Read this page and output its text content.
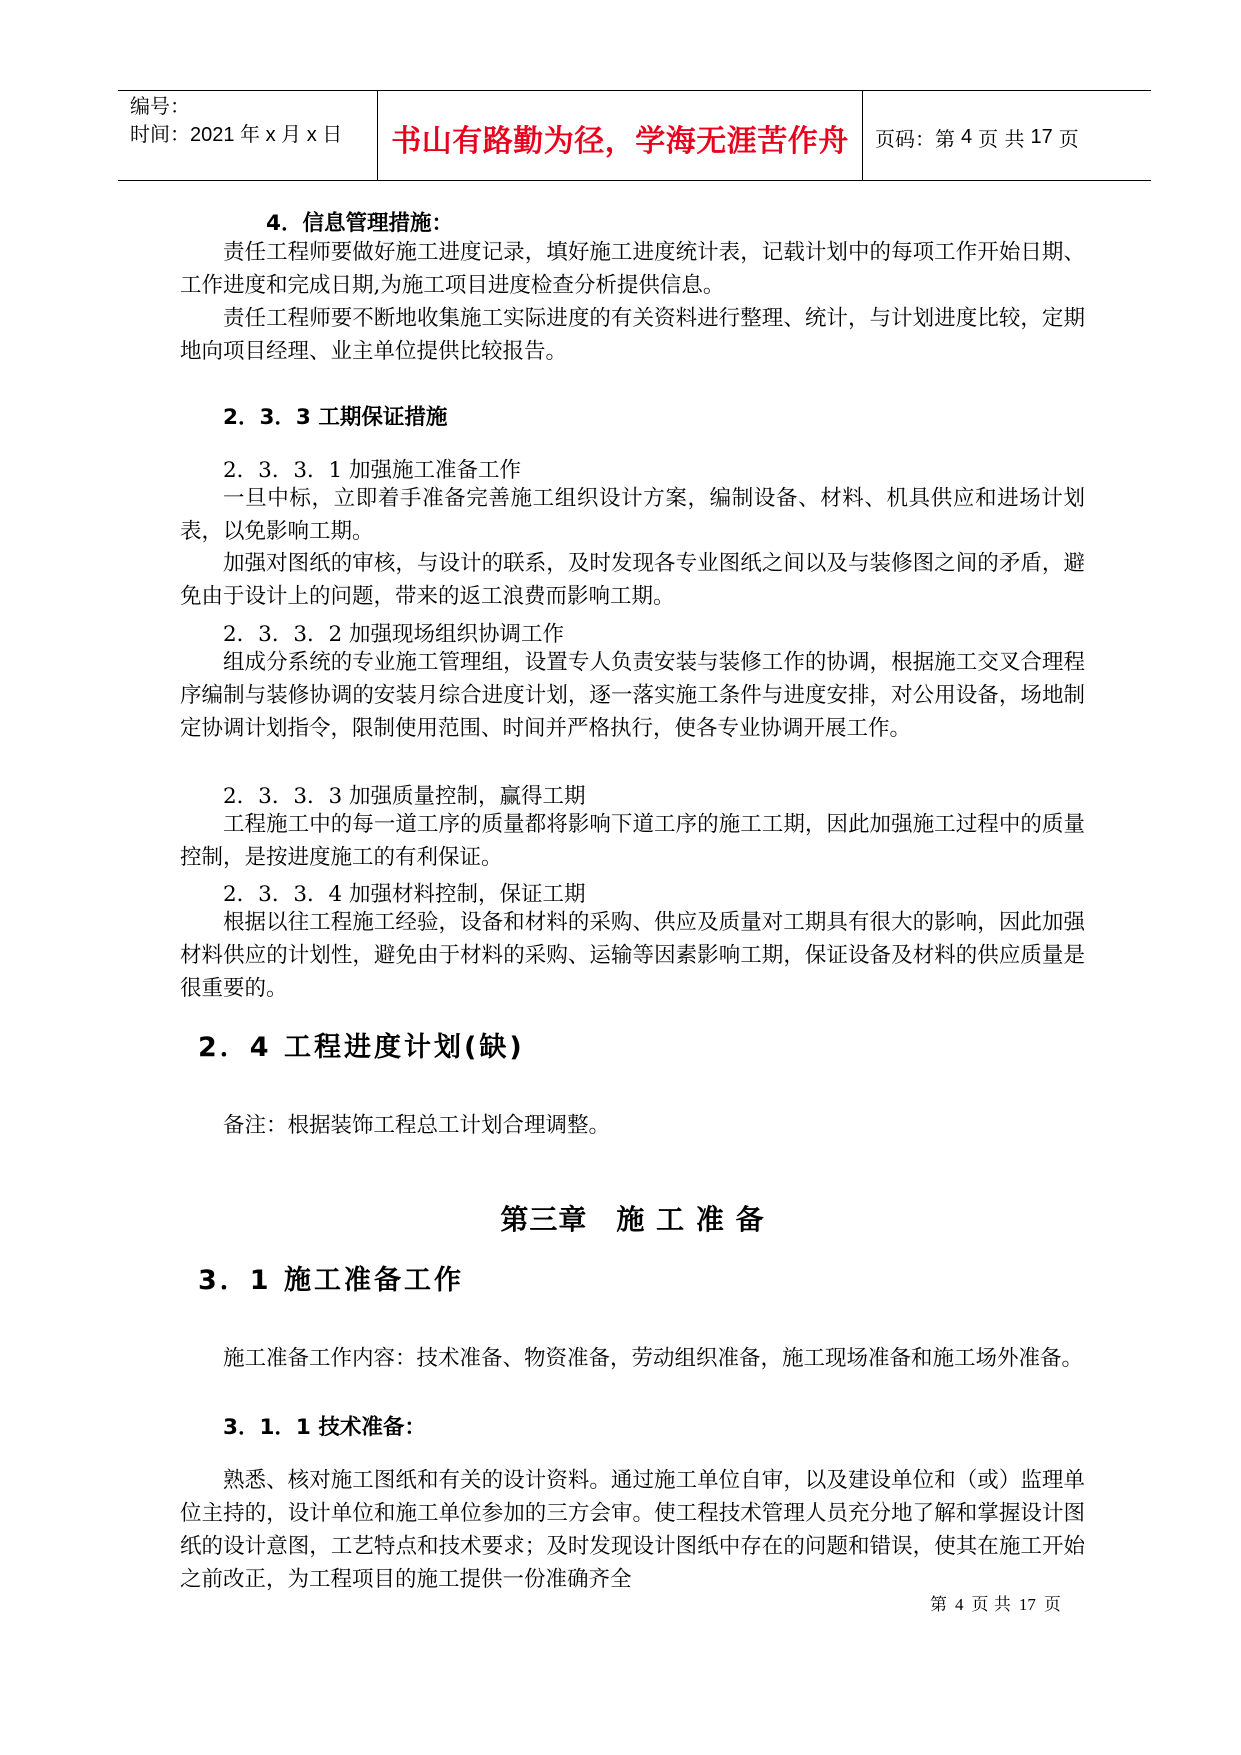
编号：
时间：2021 年 x 月 x 日	书山有路勤为径，学海无涯苦作舟	页码：第 4 页 共 17 页
4．信息管理措施：
责任工程师要做好施工进度记录，填好施工进度统计表，记载计划中的每项工作开始日期、工作进度和完成日期,为施工项目进度检查分析提供信息。
责任工程师要不断地收集施工实际进度的有关资料进行整理、统计，与计划进度比较，定期地向项目经理、业主单位提供比较报告。
2．3．3 工期保证措施
2．3．3．1 加强施工准备工作
一旦中标，立即着手准备完善施工组织设计方案，编制设备、材料、机具供应和进场计划表，以免影响工期。
加强对图纸的审核，与设计的联系，及时发现各专业图纸之间以及与装修图之间的矛盾，避免由于设计上的问题，带来的返工浪费而影响工期。
2．3．3．2 加强现场组织协调工作
组成分系统的专业施工管理组，设置专人负责安装与装修工作的协调，根据施工交叉合理程序编制与装修协调的安装月综合进度计划，逐一落实施工条件与进度安排，对公用设备，场地制定协调计划指令，限制使用范围、时间并严格执行，使各专业协调开展工作。
2．3．3．3 加强质量控制，赢得工期
工程施工中的每一道工序的质量都将影响下道工序的施工工期，因此加强施工过程中的质量控制，是按进度施工的有利保证。
2．3．3．4 加强材料控制，保证工期
根据以往工程施工经验，设备和材料的采购、供应及质量对工期具有很大的影响，因此加强材料供应的计划性，避免由于材料的采购、运输等因素影响工期，保证设备及材料的供应质量是很重要的。
2．4 工程进度计划(缺)
备注：根据装饰工程总工计划合理调整。
第三章　施 工 准 备
3．1 施工准备工作
施工准备工作内容：技术准备、物资准备，劳动组织准备，施工现场准备和施工场外准备。
3．1．1 技术准备：
熟悉、核对施工图纸和有关的设计资料。通过施工单位自审，以及建设单位和（或）监理单位主持的，设计单位和施工单位参加的三方会审。使工程技术管理人员充分地了解和掌握设计图纸的设计意图，工艺特点和技术要求；及时发现设计图纸中存在的问题和错误，使其在施工开始之前改正，为工程项目的施工提供一份准确齐全
第 4 页 共 17 页
